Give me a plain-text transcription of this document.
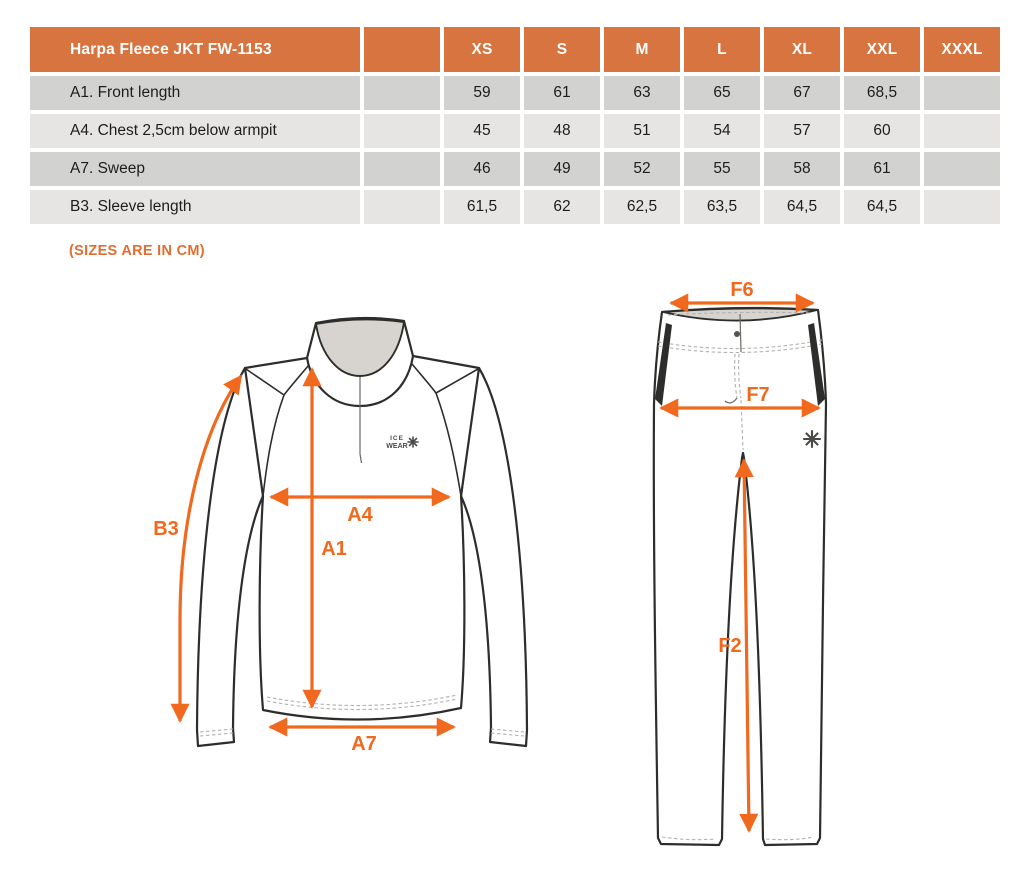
Harpa Fleece JKT FW-1153	XS	S	M	L	XL	XXL	XXXL
A1. Front length	59	61	63	65	67	68,5
A4. Chest 2,5cm below armpit	45	48	51	54	57	60
A7. Sweep	46	49	52	55	58	61
B3. Sleeve length	61,5	62	62,5	63,5	64,5	64,5
(SIZES ARE IN CM)
ICE
WEAR
A4
A1
A7
B3
F6
F7
F2
